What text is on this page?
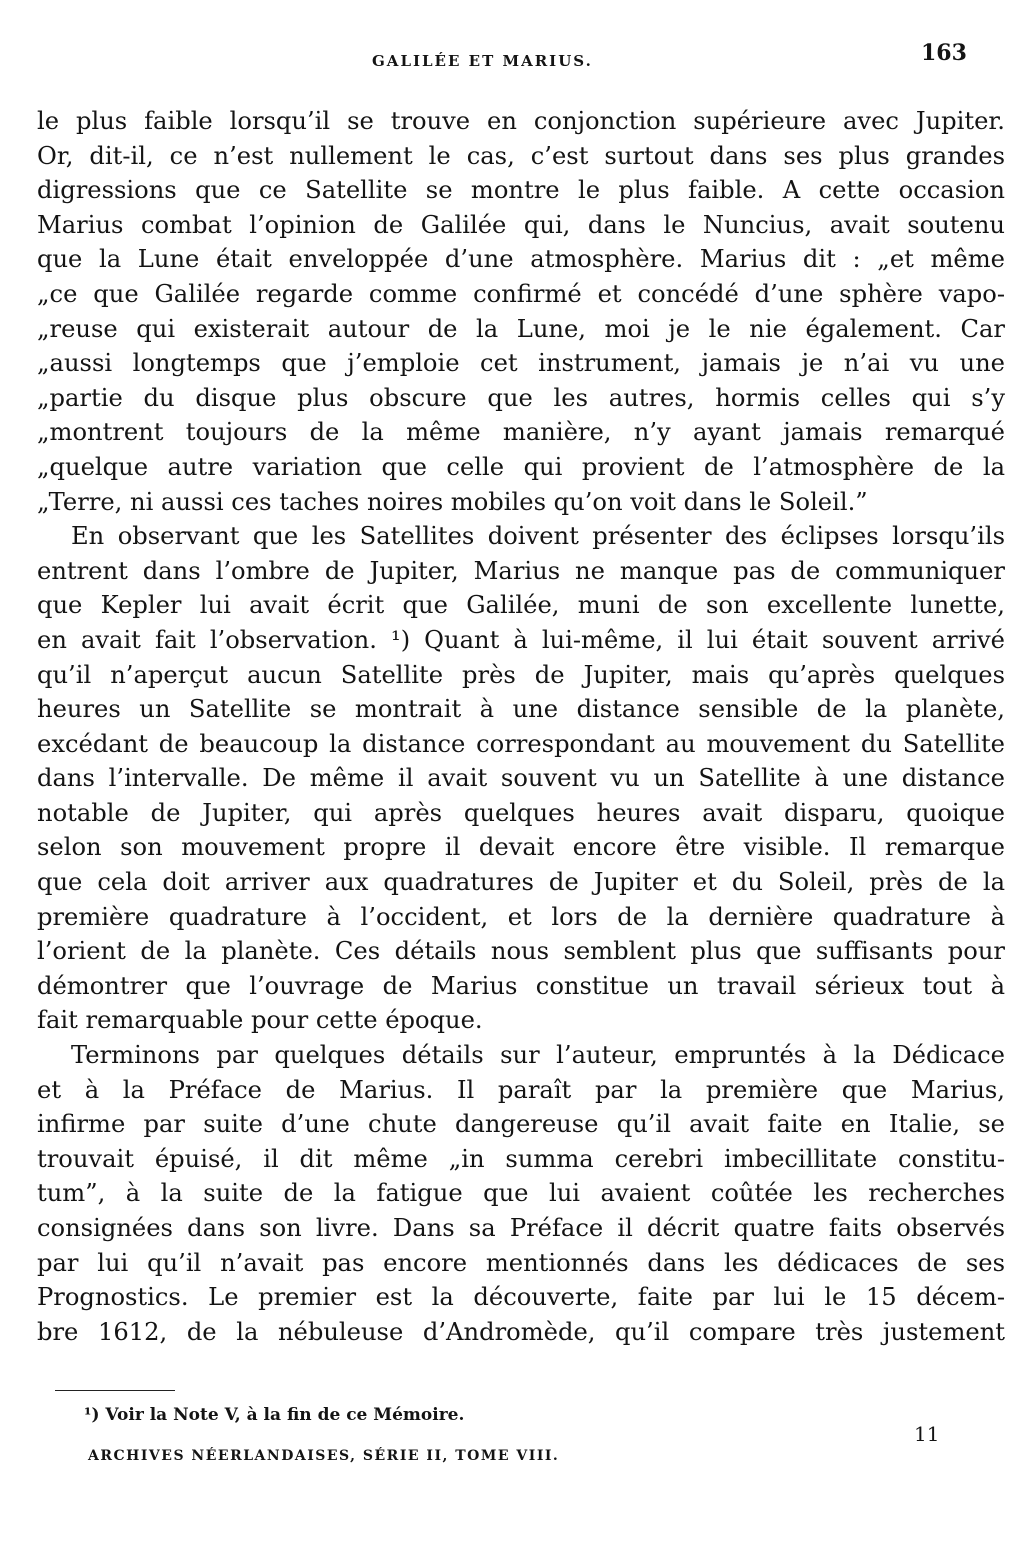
GALILÉE ET MARIUS.	163
le plus faible lorsqu’il se trouve en conjonction supérieure avec Jupiter.
Or, dit-il, ce n’est nullement le cas, c’est surtout dans ses plus grandes
digressions que ce Satellite se montre le plus faible. A cette occasion
Marius combat l’opinion de Galilée qui, dans le Nuncius, avait soutenu
que la Lune était enveloppée d’une atmosphère. Marius dit : „et même
„ce que Galilée regarde comme confirmé et concédé d’une sphère vapo-
„reuse qui existerait autour de la Lune, moi je le nie également. Car
„aussi longtemps que j’emploie cet instrument, jamais je n’ai vu une
„partie du disque plus obscure que les autres, hormis celles qui s’y
„montrent toujours de la même manière, n’y ayant jamais remarqué
„quelque autre variation que celle qui provient de l’atmosphère de la
„Terre, ni aussi ces taches noires mobiles qu’on voit dans le Soleil.”
En observant que les Satellites doivent présenter des éclipses lorsqu’ils
entrent dans l’ombre de Jupiter, Marius ne manque pas de communiquer
que Kepler lui avait écrit que Galilée, muni de son excellente lunette,
en avait fait l’observation. ¹) Quant à lui-même, il lui était souvent arrivé
qu’il n’aperçut aucun Satellite près de Jupiter, mais qu’après quelques
heures un Satellite se montrait à une distance sensible de la planète,
excédant de beaucoup la distance correspondant au mouvement du Satellite
dans l’intervalle. De même il avait souvent vu un Satellite à une distance
notable de Jupiter, qui après quelques heures avait disparu, quoique
selon son mouvement propre il devait encore être visible. Il remarque
que cela doit arriver aux quadratures de Jupiter et du Soleil, près de la
première quadrature à l’occident, et lors de la dernière quadrature à
l’orient de la planète. Ces détails nous semblent plus que suffisants pour
démontrer que l’ouvrage de Marius constitue un travail sérieux tout à
fait remarquable pour cette époque.
Terminons par quelques détails sur l’auteur, empruntés à la Dédicace
et à la Préface de Marius. Il paraît par la première que Marius,
infirme par suite d’une chute dangereuse qu’il avait faite en Italie, se
trouvait épuisé, il dit même „in summa cerebri imbecillitate constitu-
tum”, à la suite de la fatigue que lui avaient coûtée les recherches
consignées dans son livre. Dans sa Préface il décrit quatre faits observés
par lui qu’il n’avait pas encore mentionnés dans les dédicaces de ses
Prognostics. Le premier est la découverte, faite par lui le 15 décem-
bre 1612, de la nébuleuse d’Andromède, qu’il compare très justement
¹) Voir la Note V, à la fin de ce Mémoire.
ARCHIVES NÉERLANDAISES, SÉRIE II, TOME VIII.
11
